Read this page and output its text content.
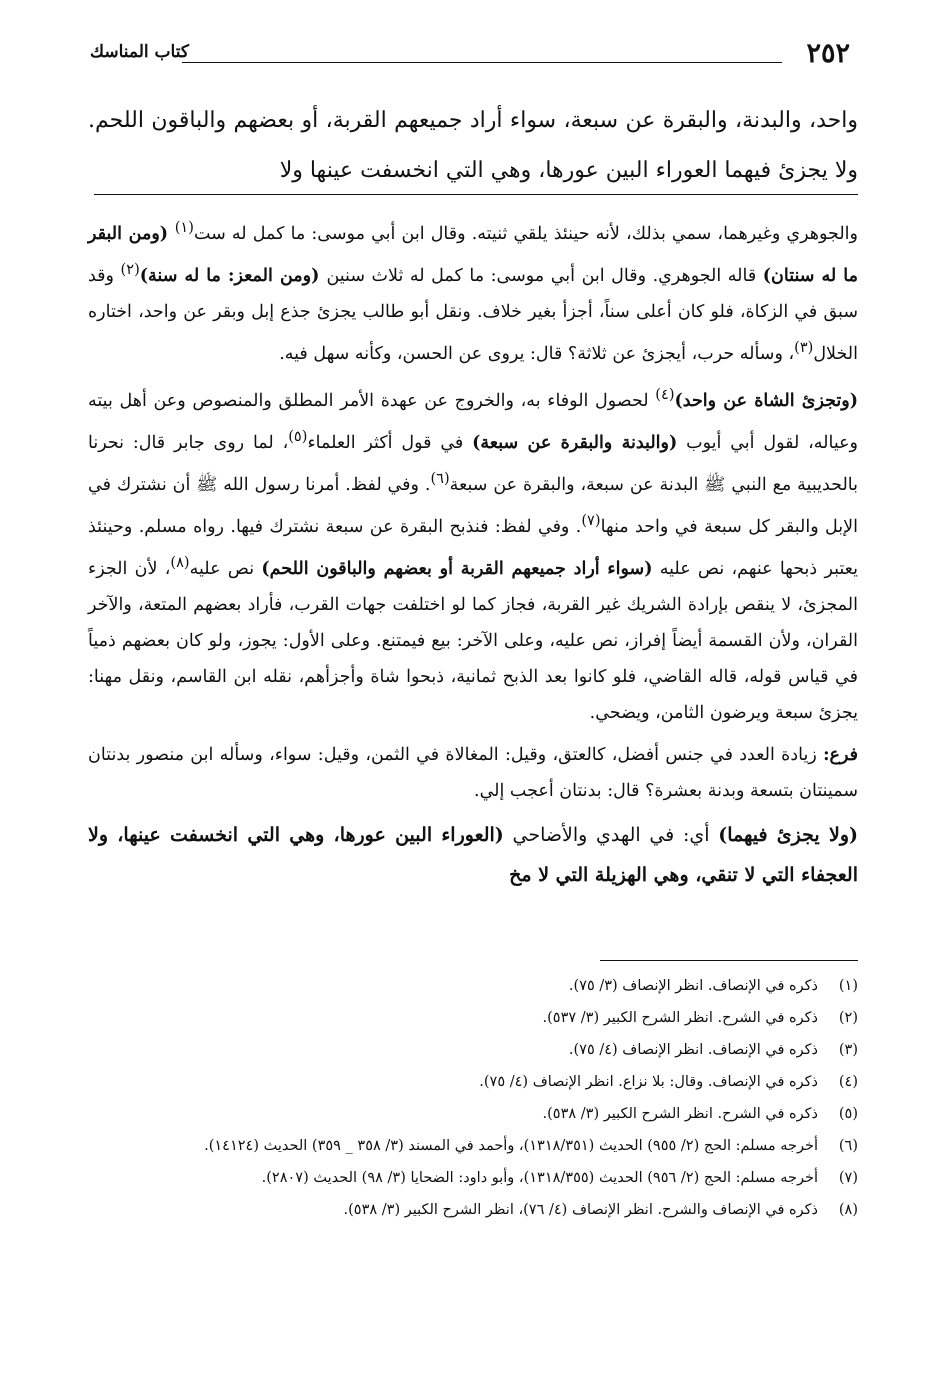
٢٥٢
كتاب المناسك
واحد، والبدنة، والبقرة عن سبعة، سواء أراد جميعهم القربة، أو بعضهم والباقون اللحم. ولا يجزئ فيهما العوراء البين عورها، وهي التي انخسفت عينها ولا

والجوهري وغيرهما، سمي بذلك، لأنه حينئذ يلقي ثنيته. وقال ابن أبي موسى: ما كمل له ست$^{(١)}$ (ومن البقر ما له سنتان) قاله الجوهري. وقال ابن أبي موسى: ما كمل له ثلاث سنين (ومن المعز: ما له سنة)$^{(٢)}$ وقد سبق في الزكاة، فلو كان أعلى سناً، أجزأ بغير خلاف. ونقل أبو طالب يجزئ جذع إبل وبقر عن واحد، اختاره الخلال$^{(٣)}$، وسأله حرب، أيجزئ عن ثلاثة؟ قال: يروى عن الحسن، وكأنه سهل فيه.

(وتجزئ الشاة عن واحد)$^{(٤)}$ لحصول الوفاء به، والخروج عن عهدة الأمر المطلق والمنصوص وعن أهل بيته وعياله، لقول أبي أيوب (والبدنة والبقرة عن سبعة) في قول أكثر العلماء$^{(٥)}$، لما روى جابر قال: نحرنا بالحديبية مع النبي ﷺ البدنة عن سبعة، والبقرة عن سبعة$^{(٦)}$. وفي لفظ. أمرنا رسول الله ﷺ أن نشترك في الإبل والبقر كل سبعة في واحد منها$^{(٧)}$. وفي لفظ: فنذبح البقرة عن سبعة نشترك فيها. رواه مسلم. وحينئذ يعتبر ذبحها عنهم، نص عليه (سواء أراد جميعهم القربة أو بعضهم والباقون اللحم) نص عليه$^{(٨)}$، لأن الجزء المجزئ، لا ينقص بإرادة الشريك غير القربة، فجاز كما لو اختلفت جهات القرب، فأراد بعضهم المتعة، والآخر القران، ولأن القسمة أيضاً إفراز، نص عليه، وعلى الآخر: بيع فيمتنع. وعلى الأول: يجوز، ولو كان بعضهم ذمياً في قياس قوله، قاله القاضي، فلو كانوا بعد الذبح ثمانية، ذبحوا شاة وأجزأهم، نقله ابن القاسم، ونقل مهنا: يجزئ سبعة ويرضون الثامن، ويضحي.

فرع: زيادة العدد في جنس أفضل، كالعتق، وقيل: المغالاة في الثمن، وقيل: سواء، وسأله ابن منصور بدنتان سمينتان بتسعة وبدنة بعشرة؟ قال: بدنتان أعجب إلي.

(ولا يجزئ فيهما) أي: في الهدي والأضاحي (العوراء البين عورها، وهي التي انخسفت عينها، ولا العجفاء التي لا تنقي، وهي الهزيلة التي لا مخ

(١)
ذكره في الإنصاف. انظر الإنصاف (٣/ ٧٥).
(٢)
ذكره في الشرح. انظر الشرح الكبير (٣/ ٥٣٧).
(٣)
ذكره في الإنصاف. انظر الإنصاف (٤/ ٧٥).
(٤)
ذكره في الإنصاف. وقال: بلا نزاع. انظر الإنصاف (٤/ ٧٥).
(٥)
ذكره في الشرح. انظر الشرح الكبير (٣/ ٥٣٨).
(٦)
أخرجه مسلم: الحج (٢/ ٩٥٥) الحديث (١٣١٨/٣٥١)، وأحمد في المسند (٣/ ٣٥٨ _ ٣٥٩) الحديث (١٤١٢٤).
(٧)
أخرجه مسلم: الحج (٢/ ٩٥٦) الحديث (١٣١٨/٣٥٥)، وأبو داود: الضحايا (٣/ ٩٨) الحديث (٢٨٠٧).
(٨)
ذكره في الإنصاف والشرح. انظر الإنصاف (٤/ ٧٦)، انظر الشرح الكبير (٣/ ٥٣٨).
